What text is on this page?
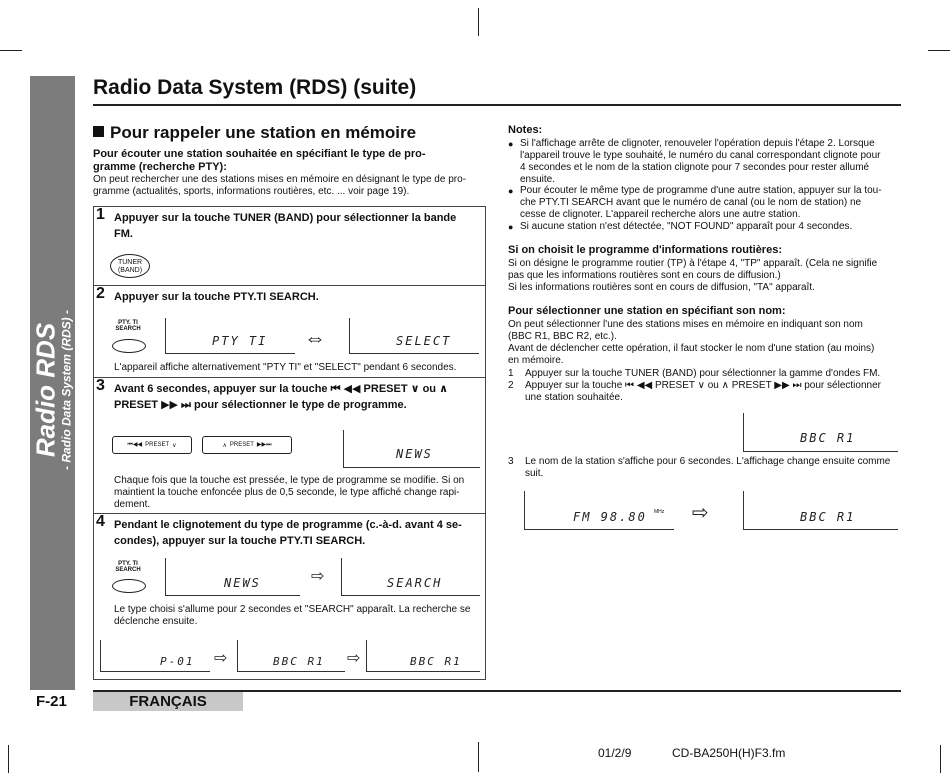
Radio RDS - Radio Data System (RDS) -
Radio Data System (RDS) (suite)
Pour rappeler une station en mémoire
Pour écouter une station souhaitée en spécifiant le type de pro-
gramme (recherche PTY):
On peut rechercher une des stations mises en mémoire en désignant le type de pro-
gramme (actualités, sports, informations routières, etc. ... voir page 19).
1 Appuyer sur la touche TUNER (BAND) pour sélectionner la bande
FM.
TUNER
(BAND)
2 Appuyer sur la touche PTY.TI SEARCH.
PTY. TI
SEARCH
PTY TI ⇔	SELECT
L'appareil affiche alternativement "PTY TI" et "SELECT" pendant 6 secondes.
3 Avant 6 secondes, appuyer sur la touche ⏮ ◀◀ PRESET ∨ ou ∧
PRESET ▶▶ ⏭ pour sélectionner le type de programme.
⏮◀◀ PRESET ∨	∧ PRESET ▶▶⏭
NEWS
Chaque fois que la touche est pressée, le type de programme se modifie. Si on
maintient la touche enfoncée plus de 0,5 seconde, le type affiché change rapi-
dement.
4 Pendant le clignotement du type de programme (c.-à-d. avant 4 se-
condes), appuyer sur la touche PTY.TI SEARCH.
PTY. TI
SEARCH
NEWS	⇨	SEARCH
Le type choisi s'allume pour 2 secondes et "SEARCH" apparaît. La recherche se
déclenche ensuite.
P-01 ⇨	BBC R1 ⇨	BBC R1
Notes:
● Si l'affichage arrête de clignoter, renouveler l'opération depuis l'étape 2. Lorsque
l'appareil trouve le type souhaité, le numéro du canal correspondant clignote pour
4 secondes et le nom de la station clignote pour 7 secondes pour rester allumé
ensuite.
● Pour écouter le même type de programme d'une autre station, appuyer sur la tou-
che PTY.TI SEARCH avant que le numéro de canal (ou le nom de station) ne
cesse de clignoter. L'appareil recherche alors une autre station.
● Si aucune station n'est détectée, "NOT FOUND" apparaît pour 4 secondes.
Si on choisit le programme d'informations routières:
Si on désigne le programme routier (TP) à l'étape 4, "TP" apparaît. (Cela ne signifie
pas que les informations routières sont en cours de diffusion.)
Si les informations routières sont en cours de diffusion, "TA" apparaît.
Pour sélectionner une station en spécifiant son nom:
On peut sélectionner l'une des stations mises en mémoire en indiquant son nom
(BBC R1, BBC R2, etc.).
Avant de déclencher cette opération, il faut stocker le nom d'une station (au moins)
en mémoire.
1	Appuyer sur la touche TUNER (BAND) pour sélectionner la gamme d'ondes FM.
2	Appuyer sur la touche ⏮ ◀◀ PRESET ∨ ou ∧ PRESET ▶▶ ⏭ pour sélectionner
une station souhaitée.
BBC R1
3	Le nom de la station s'affiche pour 6 secondes. L'affichage change ensuite comme
suit.
FM 98.80 MHz ⇨	BBC R1
F-21	FRANÇAIS
01/2/9	CD-BA250H(H)F3.fm
